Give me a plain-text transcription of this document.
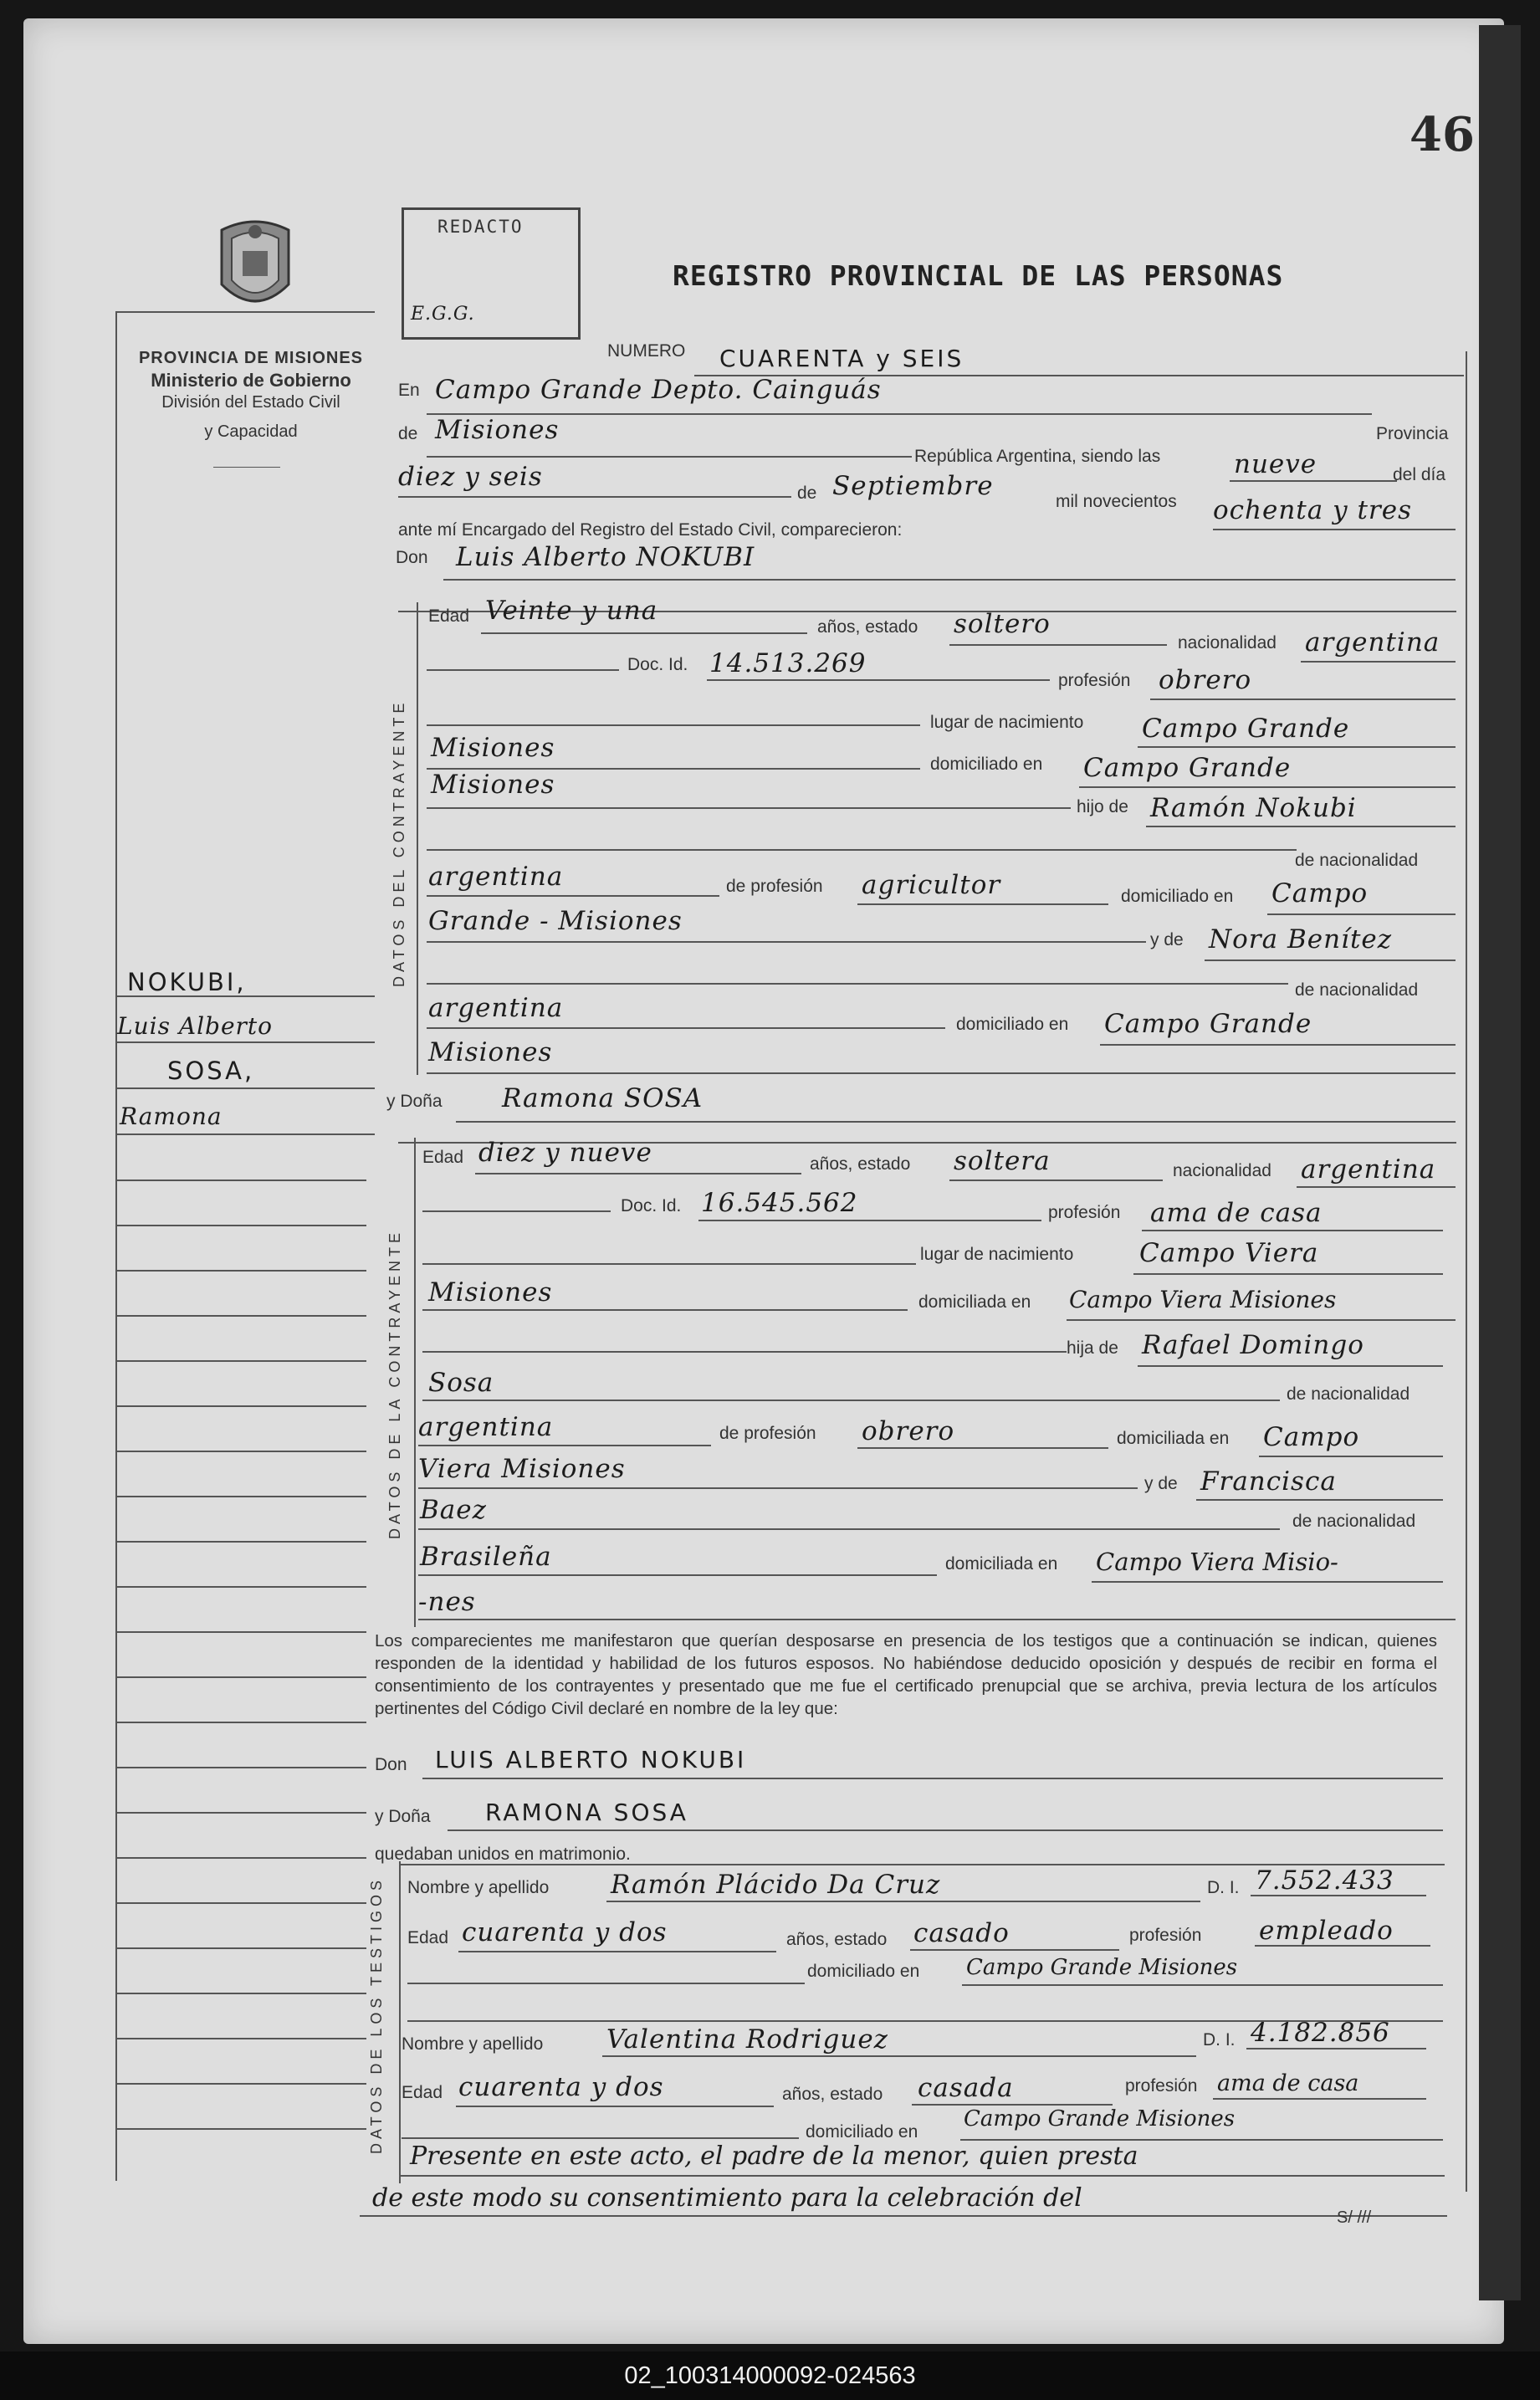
46
REDACTO
E.G.G.
PROVINCIA DE MISIONES
Ministerio de Gobierno
División del Estado Civil
y Capacidad
REGISTRO PROVINCIAL DE LAS PERSONAS
NOKUBI,
Luis Alberto
SOSA,
Ramona
NUMERO CUARENTA y SEIS
En Campo Grande Depto. Cainguás
Provincia
de Misiones
República Argentina, siendo las	nueve	del día
diez y seis
de Septiembre
mil novecientos ochenta y tres
ante mí Encargado del Registro del Estado Civil, comparecieron:
Don Luis Alberto NOKUBI
DATOS DEL CONTRAYENTE
Edad Veinte y una
años, estado soltero
nacionalidad argentina
Doc. Id. 14.513.269
profesión obrero
lugar de nacimiento Campo Grande
Misiones
domiciliado en Campo Grande
Misiones
hijo de Ramón Nokubi
de nacionalidad
argentina	de profesión agricultor	domiciliado en Campo
Grande - Misiones
y de Nora Benítez
de nacionalidad
argentina
domiciliado en Campo Grande
Misiones
y Doña Ramona SOSA
DATOS DE LA CONTRAYENTE
Edad diez y nueve	años, estado soltera	nacionalidad argentina
Doc. Id. 16.545.562	profesión ama de casa
lugar de nacimiento	Campo Viera
Misiones	domiciliada en Campo Viera Misiones
hija de Rafael Domingo
Sosa	de nacionalidad
argentina	de profesión obrero	domiciliada en Campo
Viera Misiones	y de Francisca
Baez	de nacionalidad
Brasileña	domiciliada en Campo Viera Misio-
-nes
Los comparecientes me manifestaron que querían desposarse en presencia de los testigos que a continuación se indican, quienes responden de la identidad y habilidad de los futuros esposos. No habiéndose deducido oposición y después de recibir en forma el consentimiento de los contrayentes y presentado que me fue el certificado prenupcial que se archiva, previa lectura de los artículos pertinentes del Código Civil declaré en nombre de la ley que:
Don LUIS ALBERTO NOKUBI
y Doña RAMONA SOSA
quedaban unidos en matrimonio.
DATOS DE LOS TESTIGOS Nombre y apellido Ramón Plácido Da Cruz	D. I. 7.552.433
Edad cuarenta y dos	años, estado casado	profesión empleado
domiciliado en Campo Grande Misiones
Nombre y apellido Valentina Rodriguez	D. I. 4.182.856
Edad cuarenta y dos	años, estado casada	profesión ama de casa
domiciliado en
Campo Grande Misiones
Presente en este acto, el padre de la menor, quien presta
de este modo su consentimiento para la celebración del
S/ ///
02_100314000092-024563
